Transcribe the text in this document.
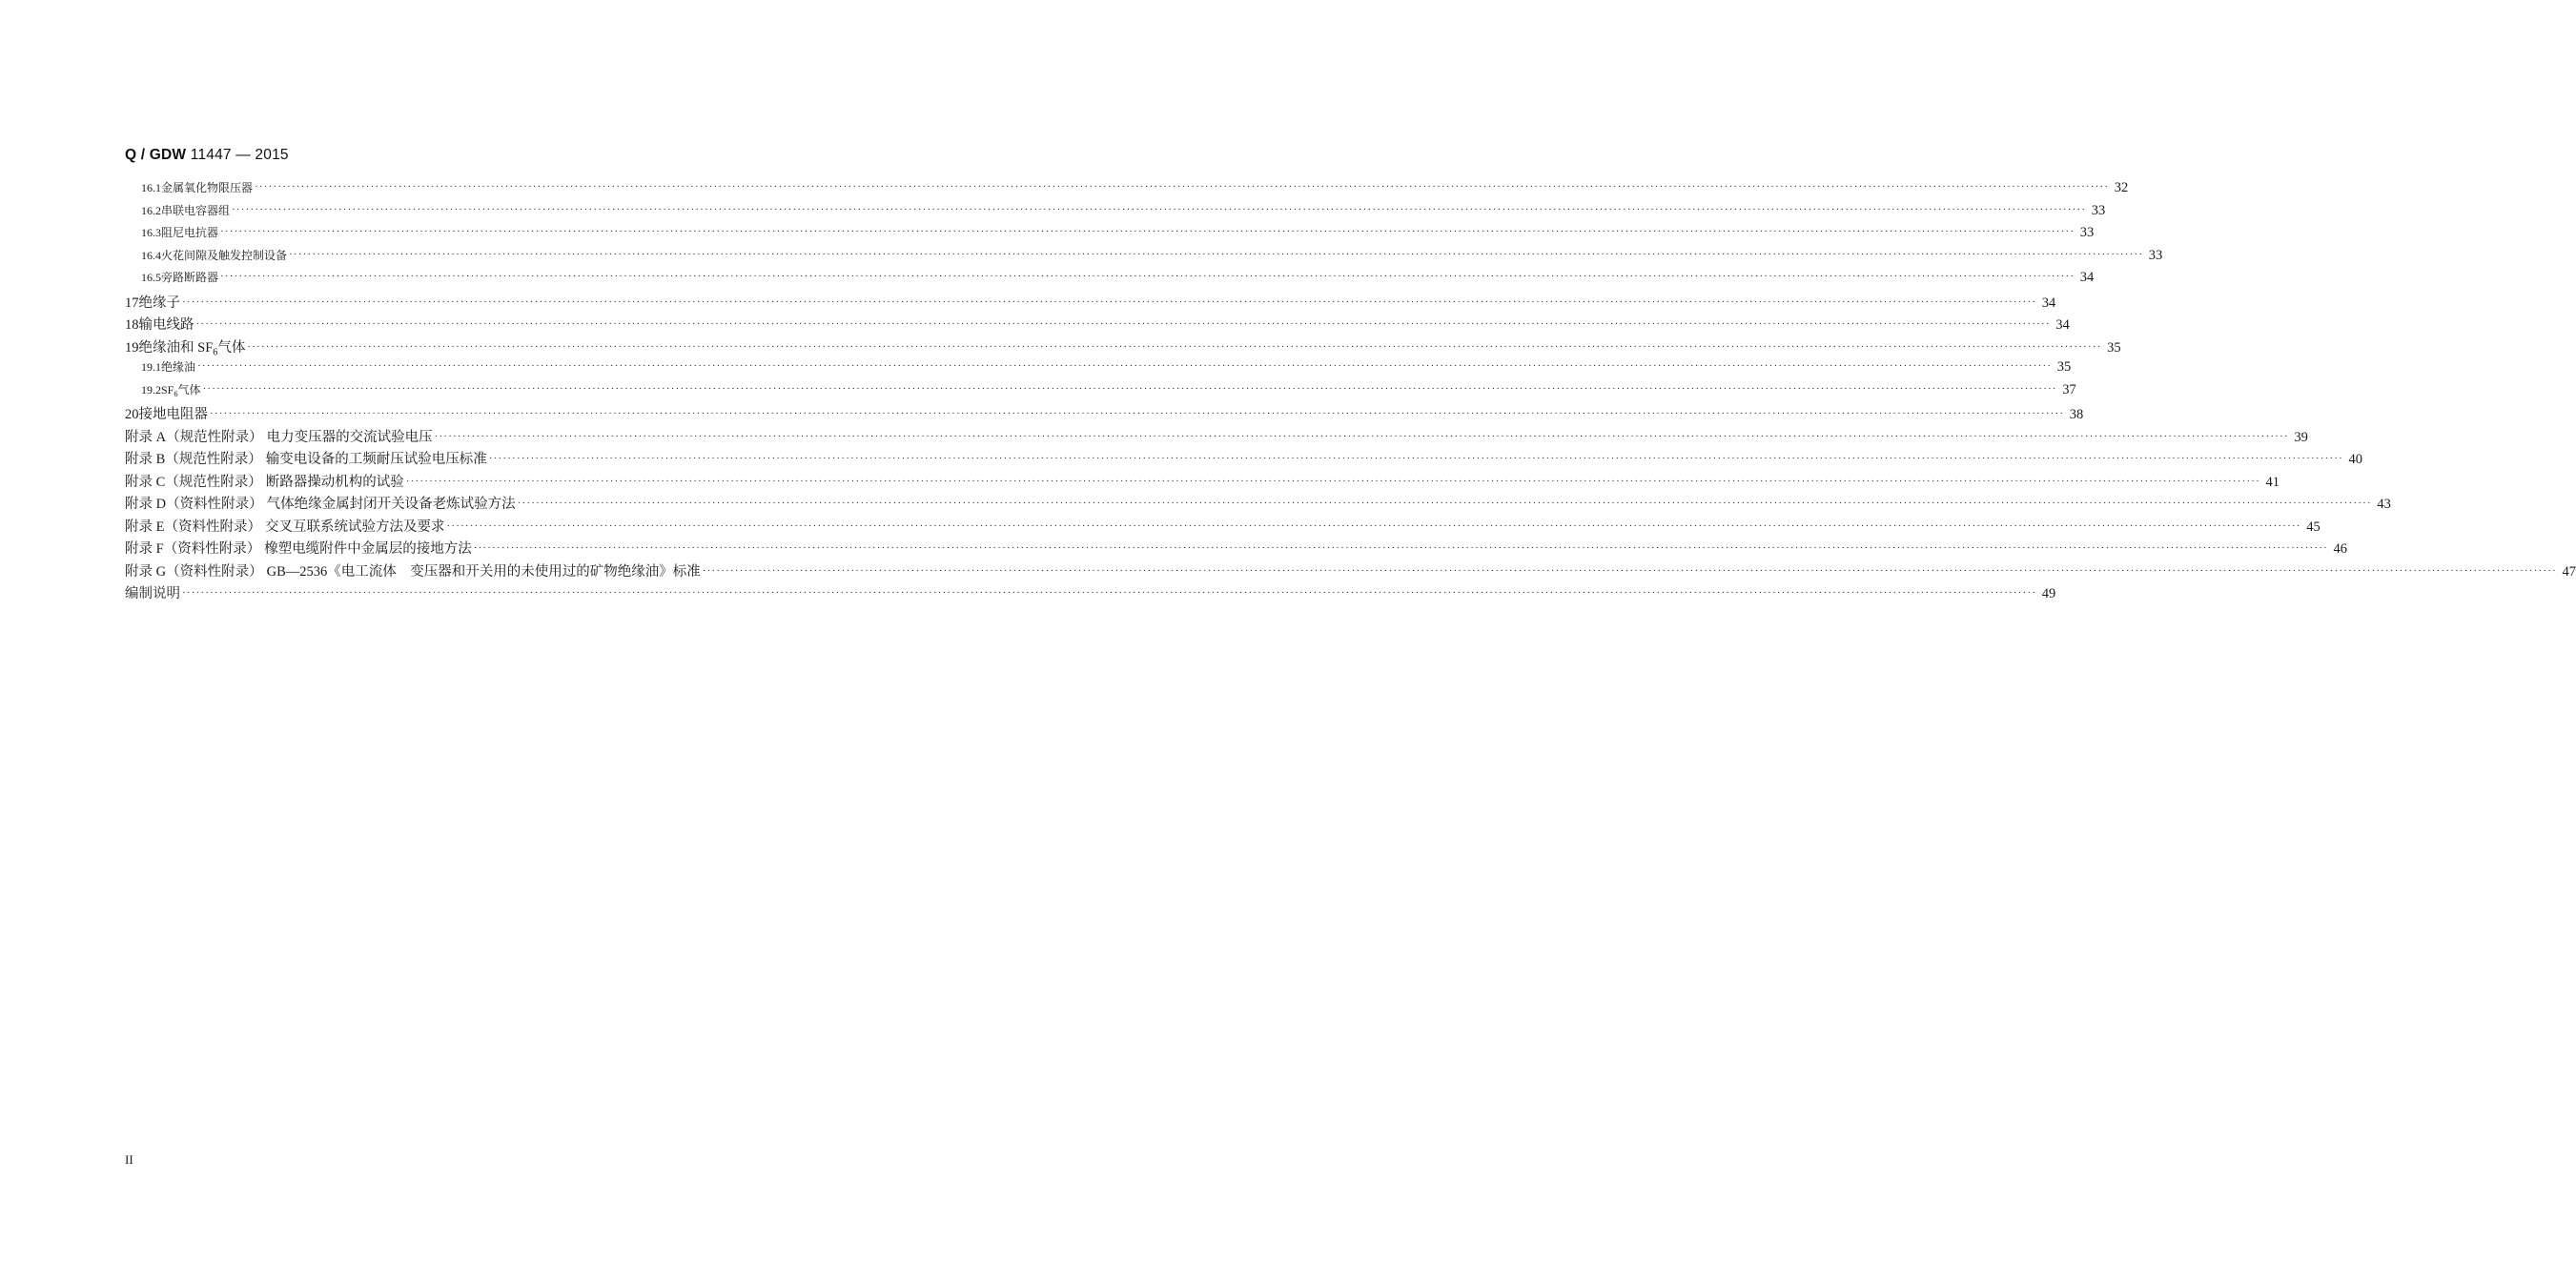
Q / GDW 11447 — 2015
16.1 金属氧化物限压器 ················································································································································································································································································································································································································ 32
16.2 串联电容器组 ················································································································································································································································································································································································································ 33
16.3 阻尼电抗器 ················································································································································································································································································································································································································ 33
16.4 火花间隙及触发控制设备 ················································································································································································································································································································································································································ 33
16.5 旁路断路器 ················································································································································································································································································································································································································ 34
17 绝缘子 ················································································································································································································································································································································································································ 34
18 输电线路 ················································································································································································································································································································································································································ 34
19 绝缘油和 $SF_6$气体 ················································································································································································································································································································································································································ 35
19.1 绝缘油 ················································································································································································································································································································································································································ 35
19.2 $SF_6$气体 ················································································································································································································································································································································································································ 37
20 接地电阻器 ················································································································································································································································································································································································································ 38
附录 A（规范性附录） 电力变压器的交流试验电压 ················································································································································································································································································································································································································ 39
附录 B（规范性附录） 输变电设备的工频耐压试验电压标准 ················································································································································································································································································································································································································ 40
附录 C（规范性附录） 断路器操动机构的试验 ················································································································································································································································································································································································································ 41
附录 D（资料性附录） 气体绝缘金属封闭开关设备老炼试验方法 ················································································································································································································································································································································································································ 43
附录 E（资料性附录） 交叉互联系统试验方法及要求 ················································································································································································································································································································································································································ 45
附录 F（资料性附录） 橡塑电缆附件中金属层的接地方法 ················································································································································································································································································································································································································ 46
附录 G（资料性附录） GB—2536《电工流体　变压器和开关用的未使用过的矿物绝缘油》标准 ················································································································································································································································································································································································································ 47
编制说明 ················································································································································································································································································································································································································ 49
II
